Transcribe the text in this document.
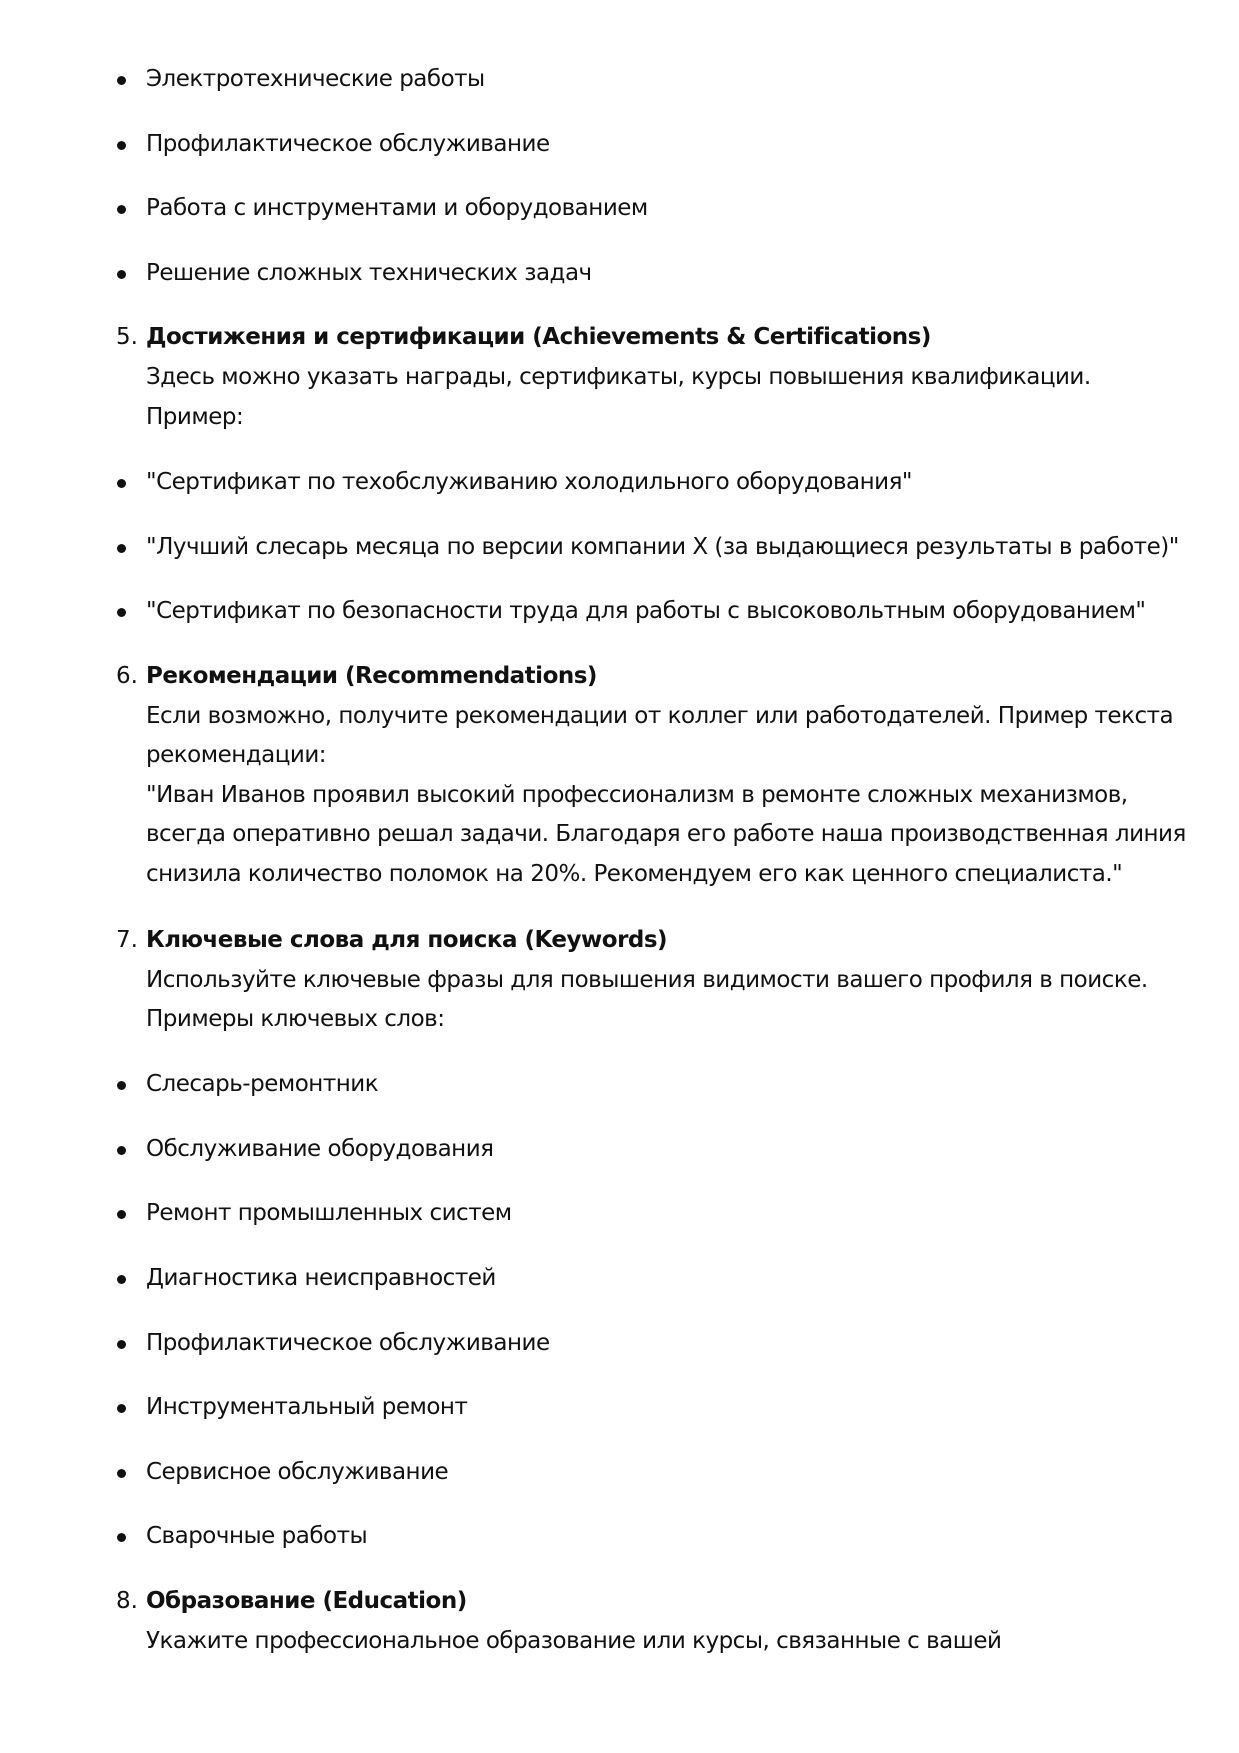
Электротехнические работы
Профилактическое обслуживание
Работа с инструментами и оборудованием
Решение сложных технических задач
5. Достижения и сертификации (Achievements & Certifications)
Здесь можно указать награды, сертификаты, курсы повышения квалификации.
Пример:
"Сертификат по техобслуживанию холодильного оборудования"
"Лучший слесарь месяца по версии компании X (за выдающиеся результаты в работе)"
"Сертификат по безопасности труда для работы с высоковольтным оборудованием"
6. Рекомендации (Recommendations)
Если возможно, получите рекомендации от коллег или работодателей. Пример текста
рекомендации:
"Иван Иванов проявил высокий профессионализм в ремонте сложных механизмов,
всегда оперативно решал задачи. Благодаря его работе наша производственная линия
снизила количество поломок на 20%. Рекомендуем его как ценного специалиста."
7. Ключевые слова для поиска (Keywords)
Используйте ключевые фразы для повышения видимости вашего профиля в поиске.
Примеры ключевых слов:
Слесарь-ремонтник
Обслуживание оборудования
Ремонт промышленных систем
Диагностика неисправностей
Профилактическое обслуживание
Инструментальный ремонт
Сервисное обслуживание
Сварочные работы
8. Образование (Education)
Укажите профессиональное образование или курсы, связанные с вашей
